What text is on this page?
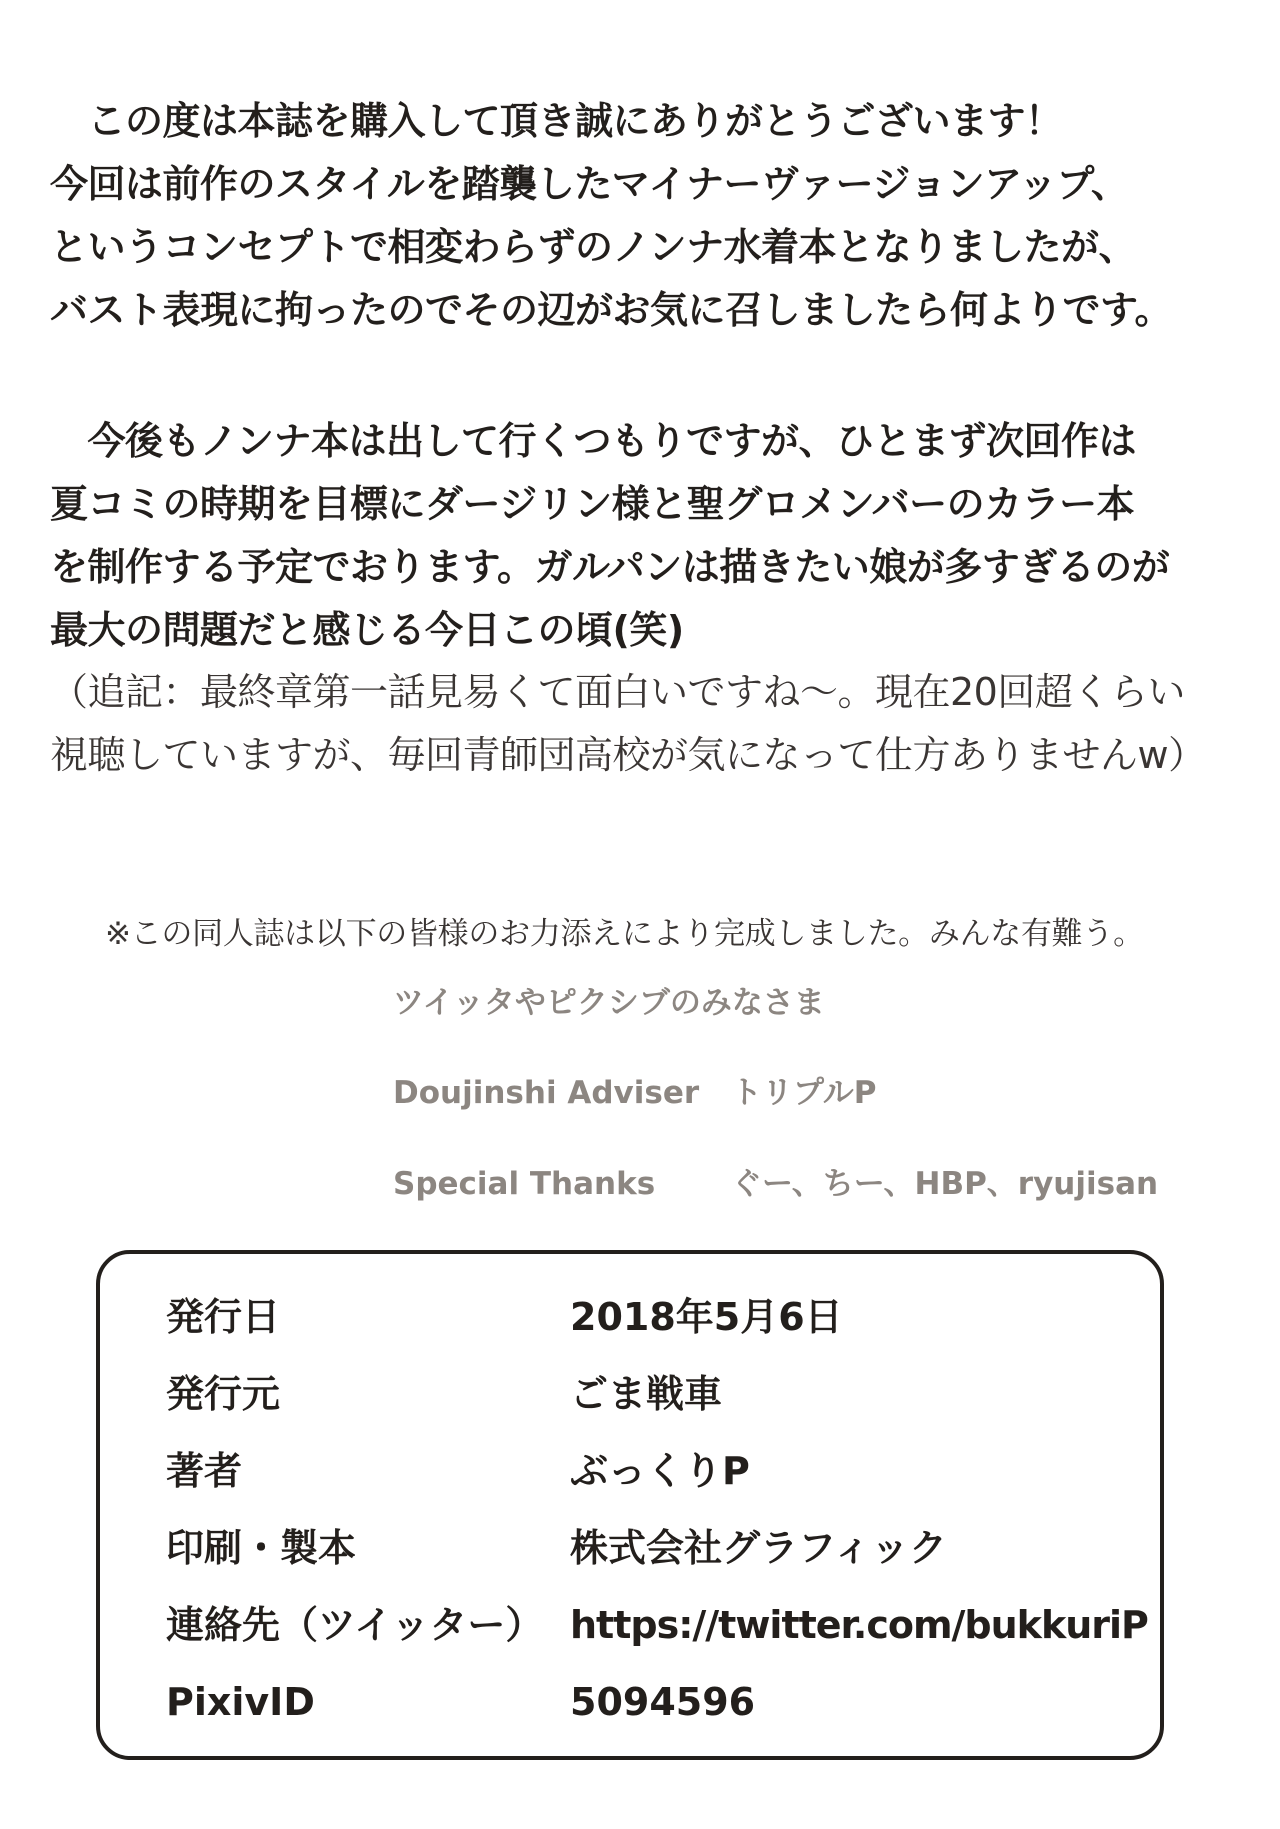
　この度は本誌を購入して頂き誠にありがとうございます！
今回は前作のスタイルを踏襲したマイナーヴァージョンアップ、
というコンセプトで相変わらずのノンナ水着本となりましたが、
バスト表現に拘ったのでその辺がお気に召しましたら何よりです。

　今後もノンナ本は出して行くつもりですが、ひとまず次回作は
夏コミの時期を目標にダージリン様と聖グロメンバーのカラー本
を制作する予定でおります。ガルパンは描きたい娘が多すぎるのが
最大の問題だと感じる今日この頃(笑)

（追記：最終章第一話見易くて面白いですね～。現在20回超くらい
視聴していますが、毎回青師団高校が気になって仕方ありませんw）

※この同人誌は以下の皆様のお力添えにより完成しました。みんな有難う。
ツイッタやピクシブのみなさま
Doujinshi Adviser トリプルP
Special Thanks ぐー、ちー、HBP、ryujisan
発行日	2018年5月6日
発行元	ごま戦車
著者	ぶっくりP
印刷・製本	株式会社グラフィック
連絡先（ツイッター） https://twitter.com/bukkuriP
PixivID	5094596
